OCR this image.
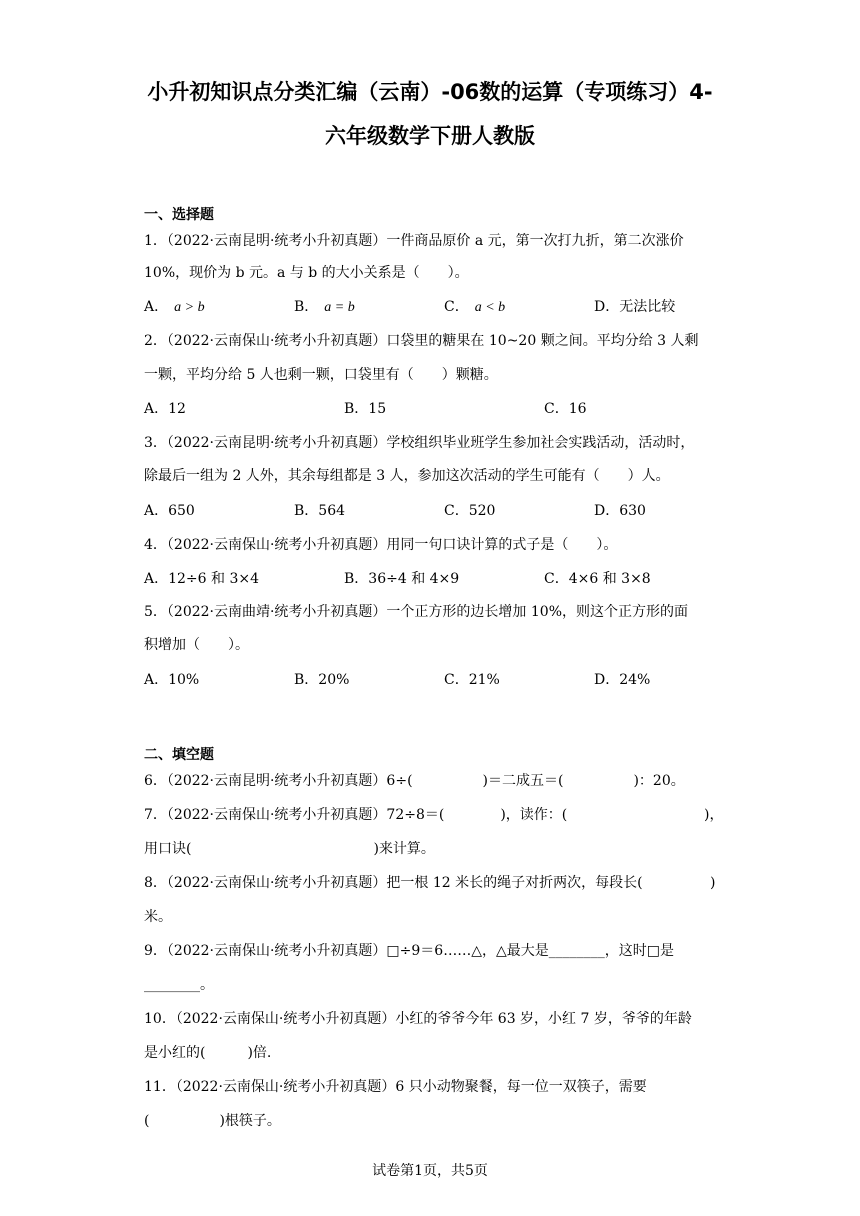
小升初知识点分类汇编（云南）-06数的运算（专项练习）4-
六年级数学下册人教版
一、选择题
1．（2022·云南昆明·统考小升初真题）一件商品原价 a 元，第一次打九折，第二次涨价
10%，现价为 b 元。a 与 b 的大小关系是（　　）。
A． a > b	B． a = b	C． a < b	D．无法比较
2．（2022·云南保山·统考小升初真题）口袋里的糖果在 10~20 颗之间。平均分给 3 人剩
一颗，平均分给 5 人也剩一颗，口袋里有（　　）颗糖。
A．12	B．15	C．16
3．（2022·云南昆明·统考小升初真题）学校组织毕业班学生参加社会实践活动，活动时，
除最后一组为 2 人外，其余每组都是 3 人，参加这次活动的学生可能有（　　）人。
A．650	B．564	C．520	D．630
4．（2022·云南保山·统考小升初真题）用同一句口诀计算的式子是（　　）。
A．12÷6 和 3×4	B．36÷4 和 4×9	C．4×6 和 3×8
5．（2022·云南曲靖·统考小升初真题）一个正方形的边长增加 10%，则这个正方形的面
积增加（　　）。
A．10%	B．20%	C．21%	D．24%
二、填空题
6．（2022·云南昆明·统考小升初真题）6÷(　　　　　)＝二成五＝(　　　　　)：20。
7．（2022·云南保山·统考小升初真题）72÷8＝(　　　　)，读作：(	)，
用口诀(　　　　　　　　　　　　　)来计算。
8．（2022·云南保山·统考小升初真题）把一根 12 米长的绳子对折两次，每段长(	)
米。
9．（2022·云南保山·统考小升初真题）□÷9＝6……△，△最大是________，这时□是
________。
10．（2022·云南保山·统考小升初真题）小红的爷爷今年 63 岁，小红 7 岁，爷爷的年龄
是小红的(　　　)倍.
11．（2022·云南保山·统考小升初真题）6 只小动物聚餐，每一位一双筷子，需要
(　　　　　)根筷子。
试卷第1页，共5页
